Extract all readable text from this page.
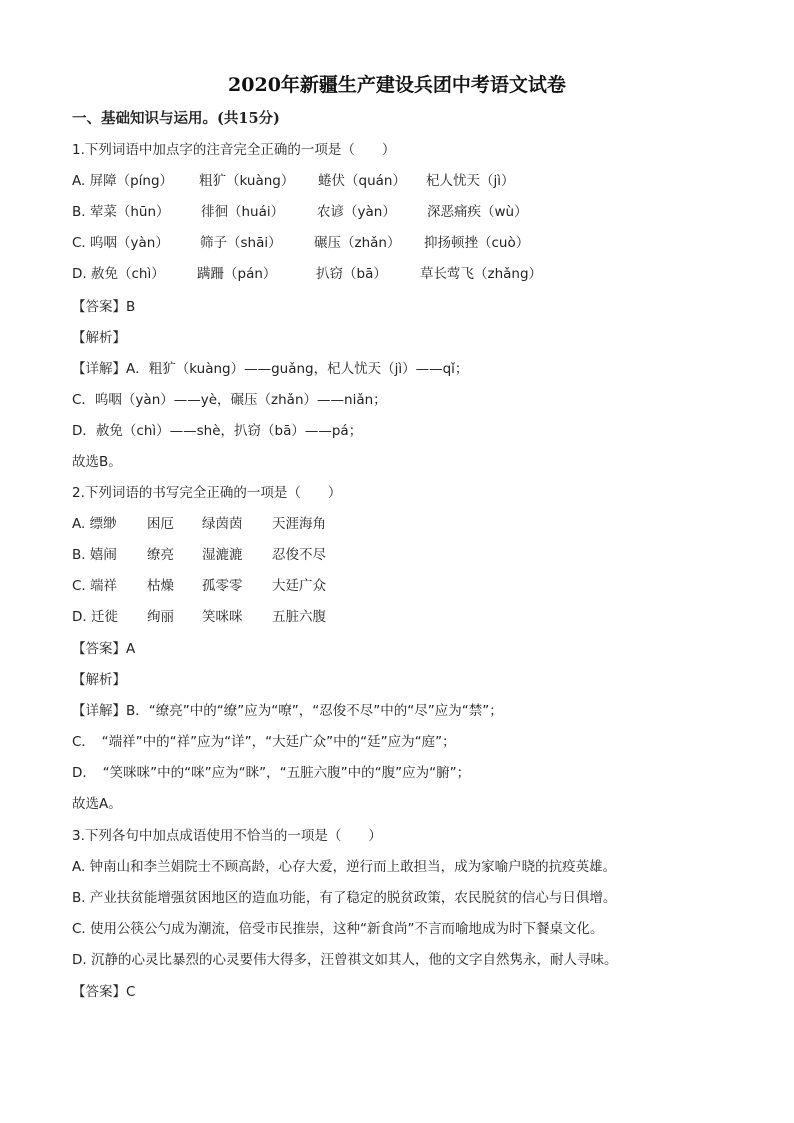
2020年新疆生产建设兵团中考语文试卷
一、基础知识与运用。(共15分)
1.下列词语中加点字的注音完全正确的一项是（　　）
A. 屏障（píng） 粗犷（kuàng） 蜷伏（quán） 杞人忧天（jì）
B. 荤菜（hūn） 徘徊（huái） 农谚（yàn） 深恶痛疾（wù）
C. 呜咽（yàn） 筛子（shāi） 碾压（zhǎn） 抑扬顿挫（cuò）
D. 赦免（chì） 蹒跚（pán）	扒窃（bā） 草长莺飞（zhǎng）
【答案】B
【解析】
【详解】A．粗犷（kuàng）——guǎng，杞人忧天（jì）——qǐ；
C．呜咽（yàn）——yè，碾压（zhǎn）——niǎn；
D．赦免（chì）——shè，扒窃（bā）——pá；
故选B。
2.下列词语的书写完全正确的一项是（　　）
A. 缥缈 困厄 绿茵茵 天涯海角
B. 嬉闹 缭亮 湿漉漉 忍俊不尽
C. 端祥 枯燥 孤零零 大廷广众
D. 迁徙 绚丽 笑咪咪 五脏六腹
【答案】A
【解析】
【详解】B．“缭亮”中的“缭”应为“嘹”，“忍俊不尽”中的“尽”应为“禁”；
C．　“端祥”中的“祥”应为“详”，“大廷广众”中的“廷”应为“庭”；
D．　“笑咪咪”中的“咪”应为“眯”，“五脏六腹”中的“腹”应为“腑”；
故选A。
3.下列各句中加点成语使用不恰当的一项是（　　）
A. 钟南山和李兰娟院士不顾高龄，心存大爱，逆行而上敢担当，成为家喻户晓的抗疫英雄。
B. 产业扶贫能增强贫困地区的造血功能，有了稳定的脱贫政策，农民脱贫的信心与日俱增。
C. 使用公筷公勺成为潮流，倍受市民推崇，这种“新食尚”不言而喻地成为时下餐桌文化。
D. 沉静的心灵比暴烈的心灵要伟大得多，汪曾祺文如其人，他的文字自然隽永，耐人寻味。
【答案】C
